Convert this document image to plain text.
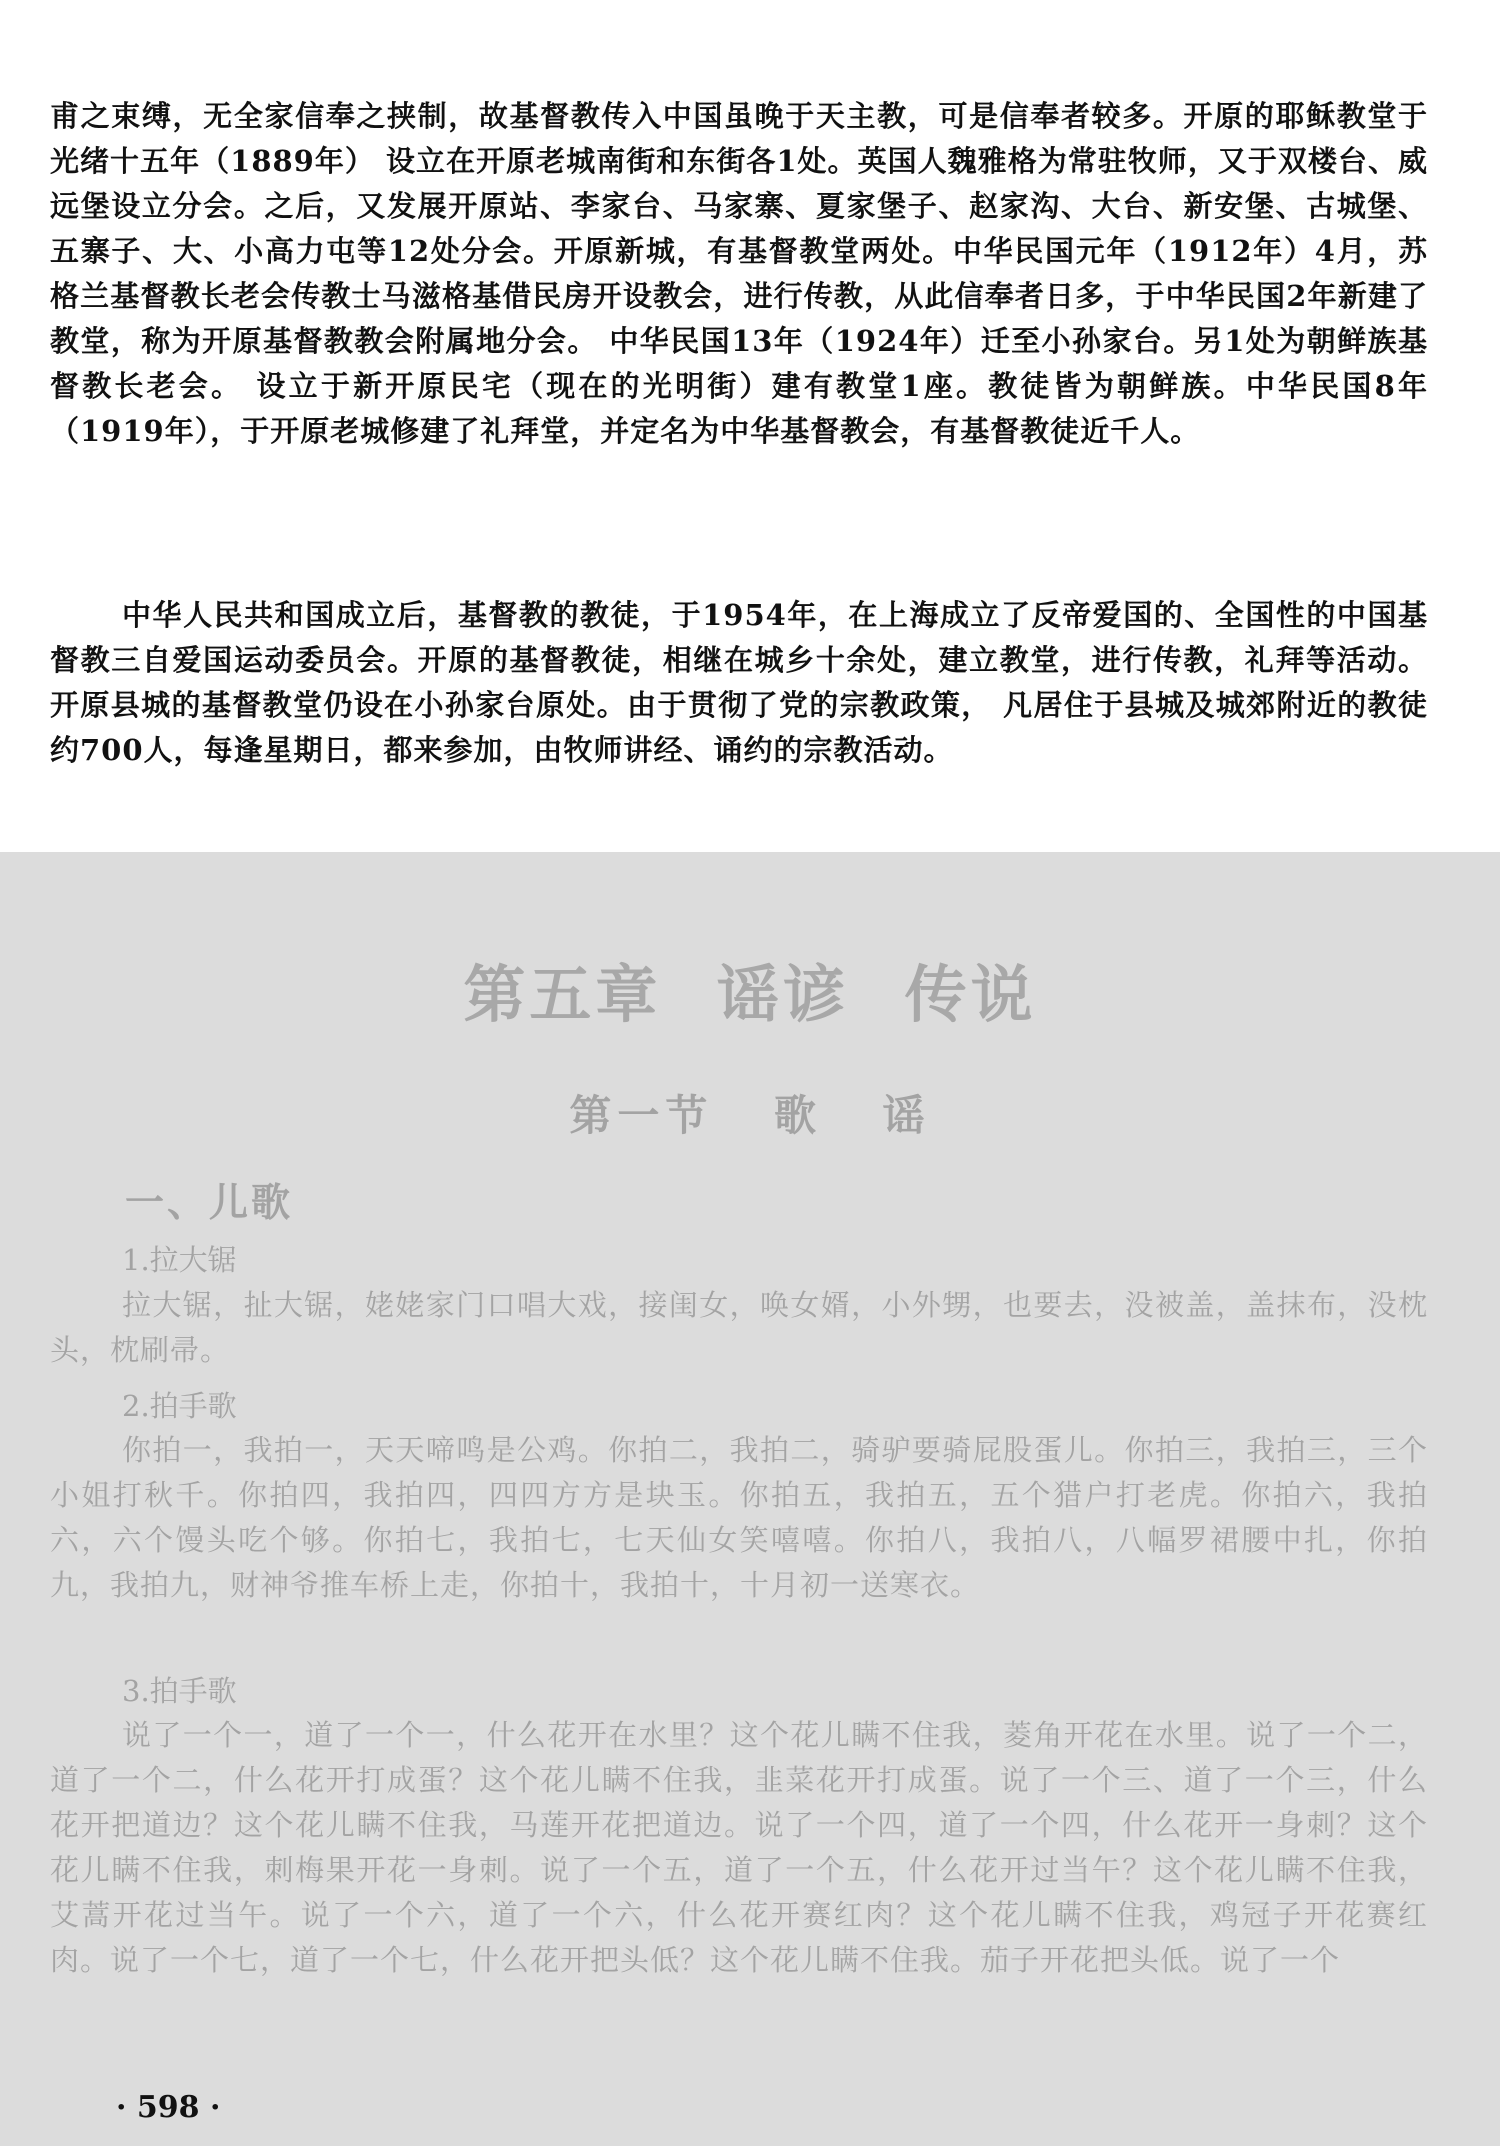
甫之束缚，无全家信奉之挟制，故基督教传入中国虽晚于天主教，可是信奉者较多。开原的耶稣教堂于光绪十五年（1889年） 设立在开原老城南街和东街各1处。英国人魏雅格为常驻牧师，又于双楼台、威远堡设立分会。之后，又发展开原站、李家台、马家寨、夏家堡子、赵家沟、大台、新安堡、古城堡、五寨子、大、小高力屯等12处分会。开原新城，有基督教堂两处。中华民国元年（1912年）4月，苏格兰基督教长老会传教士马滋格基借民房开设教会，进行传教，从此信奉者日多，于中华民国2年新建了教堂，称为开原基督教教会附属地分会。 中华民国13年（1924年）迁至小孙家台。另1处为朝鲜族基督教长老会。 设立于新开原民宅（现在的光明街）建有教堂1座。教徒皆为朝鲜族。中华民国8年（1919年），于开原老城修建了礼拜堂，并定名为中华基督教会，有基督教徒近千人。

中华人民共和国成立后，基督教的教徒，于1954年，在上海成立了反帝爱国的、全国性的中国基督教三自爱国运动委员会。开原的基督教徒，相继在城乡十余处，建立教堂，进行传教，礼拜等活动。开原县城的基督教堂仍设在小孙家台原处。由于贯彻了党的宗教政策， 凡居住于县城及城郊附近的教徒约700人，每逢星期日，都来参加，由牧师讲经、诵约的宗教活动。

第五章 谣谚 传说
第一节 歌 谣
一、儿歌

1.拉大锯

拉大锯，扯大锯，姥姥家门口唱大戏，接闺女，唤女婿，小外甥，也要去，没被盖，盖抹布，没枕头，枕刷帚。

2.拍手歌

你拍一，我拍一，天天啼鸣是公鸡。你拍二，我拍二，骑驴要骑屁股蛋儿。你拍三，我拍三，三个小姐打秋千。你拍四，我拍四，四四方方是块玉。你拍五，我拍五，五个猎户打老虎。你拍六，我拍六，六个馒头吃个够。你拍七，我拍七，七天仙女笑嘻嘻。你拍八，我拍八，八幅罗裙腰中扎，你拍九，我拍九，财神爷推车桥上走，你拍十，我拍十，十月初一送寒衣。

3.拍手歌

说了一个一，道了一个一，什么花开在水里？这个花儿瞒不住我，菱角开花在水里。说了一个二，道了一个二，什么花开打成蛋？这个花儿瞒不住我，韭菜花开打成蛋。说了一个三、道了一个三，什么花开把道边？这个花儿瞒不住我，马莲开花把道边。说了一个四，道了一个四，什么花开一身刺？这个花儿瞒不住我，刺梅果开花一身刺。说了一个五，道了一个五，什么花开过当午？这个花儿瞒不住我，艾蒿开花过当午。说了一个六，道了一个六，什么花开赛红肉？这个花儿瞒不住我，鸡冠子开花赛红肉。说了一个七，道了一个七，什么花开把头低？这个花儿瞒不住我。茄子开花把头低。说了一个

· 598 ·
